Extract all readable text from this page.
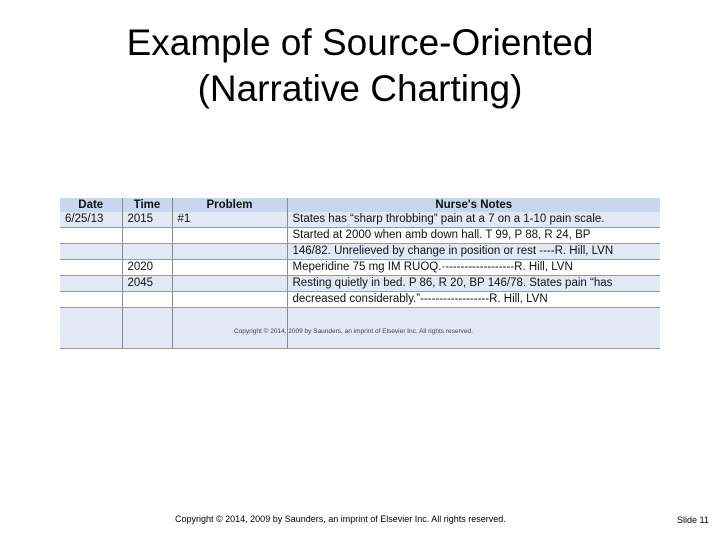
Example of Source-Oriented
(Narrative Charting)
Date	Time	Problem	Nurse's Notes
6/25/13	2015	#1	States has “sharp throbbing” pain at a 7 on a 1-10 pain scale.
			Started at 2000 when amb down hall. T 99, P 88, R 24, BP
			146/82. Unrelieved by change in position or rest ----R. Hill, LVN
	2020		Meperidine 75 mg IM RUOQ.·------------------R. Hill, LVN
	2045		Resting quietly in bed. P 86, R 20, BP 146/78. States pain “has
			decreased considerably.”------------------R. Hill, LVN

Copyright © 2014, 2009 by Saunders, an imprint of Elsevier Inc. All rights reserved.
Copyright © 2014, 2009 by Saunders, an imprint of Elsevier Inc. All rights reserved.	Slide 11
